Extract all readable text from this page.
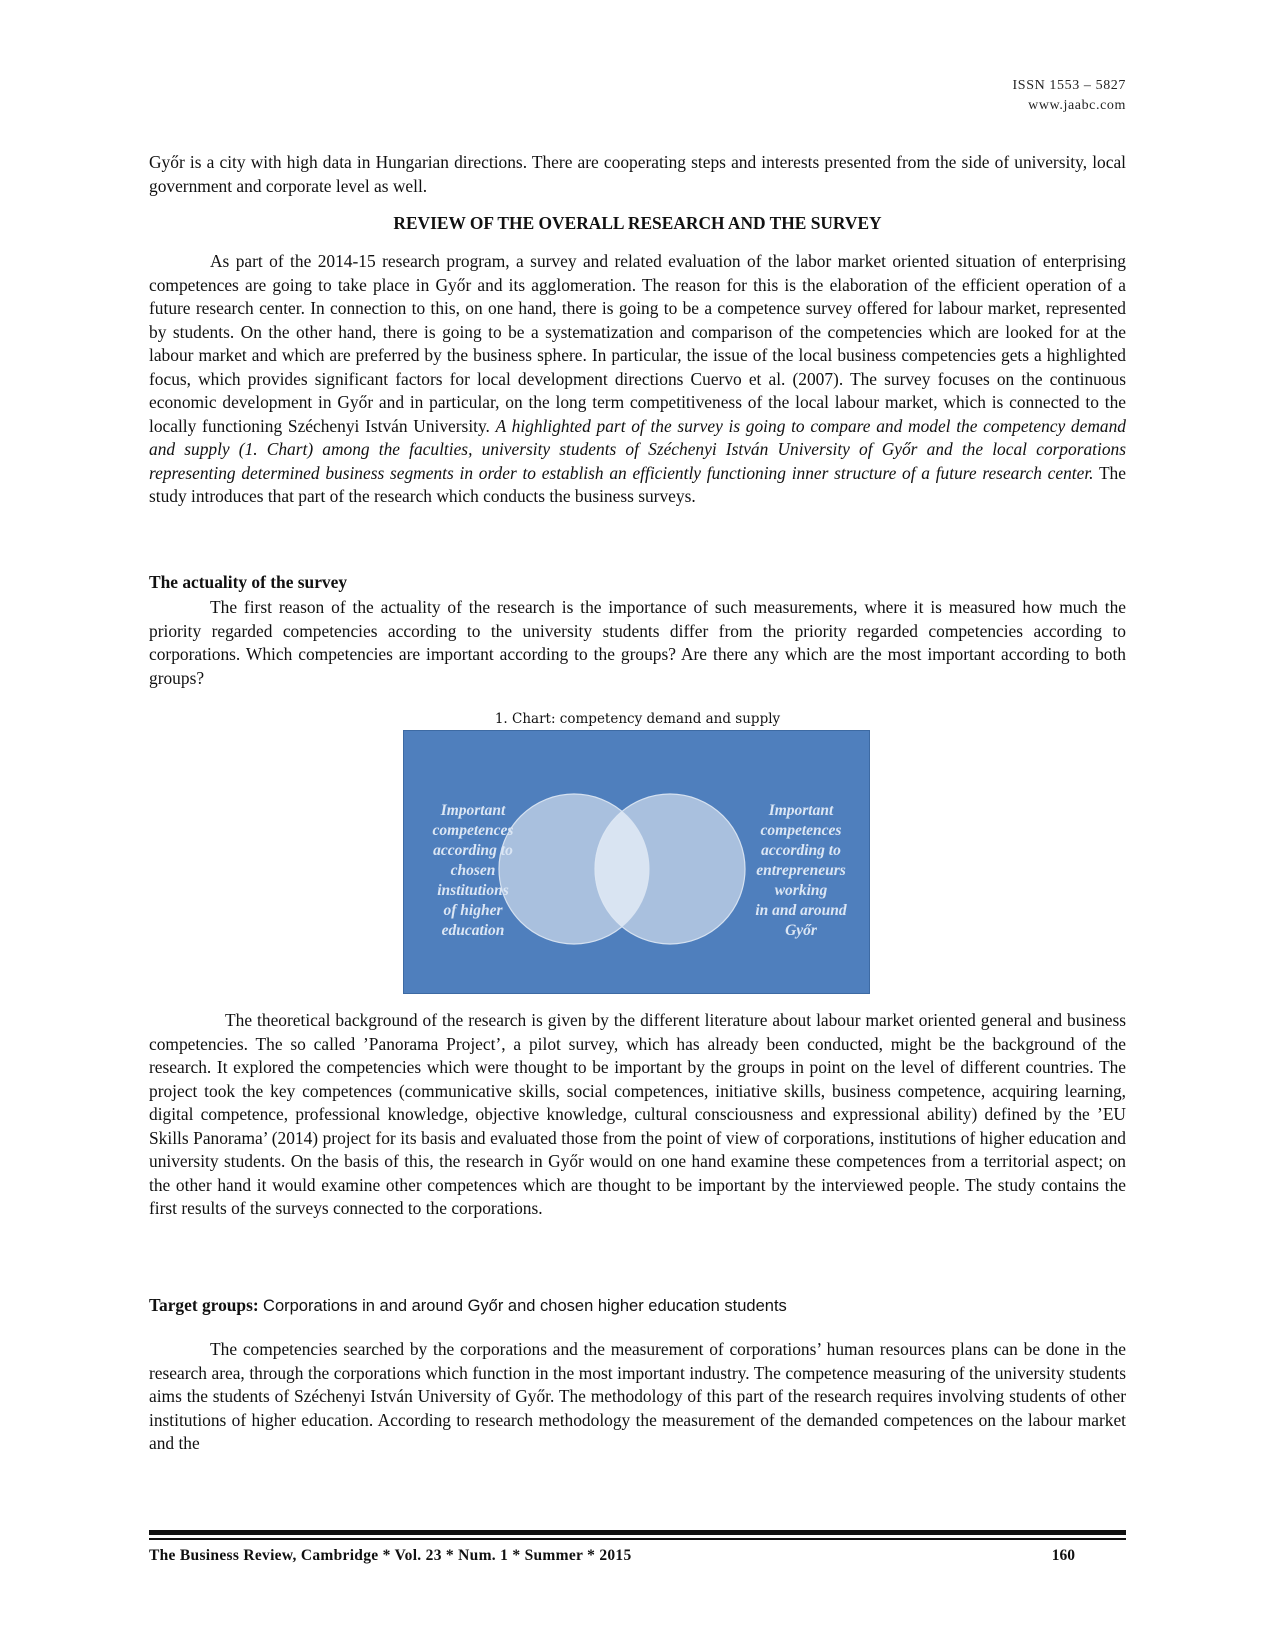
ISSN 1553 – 5827
www.jaabc.com

Győr is a city with high data in Hungarian directions. There are cooperating steps and interests presented from the side of university, local government and corporate level as well.

REVIEW OF THE OVERALL RESEARCH AND THE SURVEY

As part of the 2014-15 research program, a survey and related evaluation of the labor market oriented situation of enterprising competences are going to take place in Győr and its agglomeration. The reason for this is the elaboration of the efficient operation of a future research center. In connection to this, on one hand, there is going to be a competence survey offered for labour market, represented by students. On the other hand, there is going to be a systematization and comparison of the competencies which are looked for at the labour market and which are preferred by the business sphere. In particular, the issue of the local business competencies gets a highlighted focus, which provides significant factors for local development directions Cuervo et al. (2007). The survey focuses on the continuous economic development in Győr and in particular, on the long term competitiveness of the local labour market, which is connected to the locally functioning Széchenyi István University. A highlighted part of the survey is going to compare and model the competency demand and supply (1. Chart) among the faculties, university students of Széchenyi István University of Győr and the local corporations representing determined business segments in order to establish an efficiently functioning inner structure of a future research center. The study introduces that part of the research which conducts the business surveys.

The actuality of the survey

The first reason of the actuality of the research is the importance of such measurements, where it is measured how much the priority regarded competencies according to the university students differ from the priority regarded competencies according to corporations. Which competencies are important according to the groups? Are there any which are the most important according to both groups?

1. Chart: competency demand and supply
Important
competences
according to
chosen
institutions
of higher
education
Important
competences
according to
entrepreneurs
working
in and around
Győr

The theoretical background of the research is given by the different literature about labour market oriented general and business competencies. The so called ’Panorama Project’, a pilot survey, which has already been conducted, might be the background of the research. It explored the competencies which were thought to be important by the groups in point on the level of different countries. The project took the key competences (communicative skills, social competences, initiative skills, business competence, acquiring learning, digital competence, professional knowledge, objective knowledge, cultural consciousness and expressional ability) defined by the ’EU Skills Panorama’ (2014) project for its basis and evaluated those from the point of view of corporations, institutions of higher education and university students. On the basis of this, the research in Győr would on one hand examine these competences from a territorial aspect; on the other hand it would examine other competences which are thought to be important by the interviewed people. The study contains the first results of the surveys connected to the corporations.

Target groups: Corporations in and around Győr and chosen higher education students

The competencies searched by the corporations and the measurement of corporations’ human resources plans can be done in the research area, through the corporations which function in the most important industry. The competence measuring of the university students aims the students of Széchenyi István University of Győr. The methodology of this part of the research requires involving students of other institutions of higher education. According to research methodology the measurement of the demanded competences on the labour market and the

The Business Review, Cambridge * Vol. 23 * Num. 1 * Summer * 2015	160
